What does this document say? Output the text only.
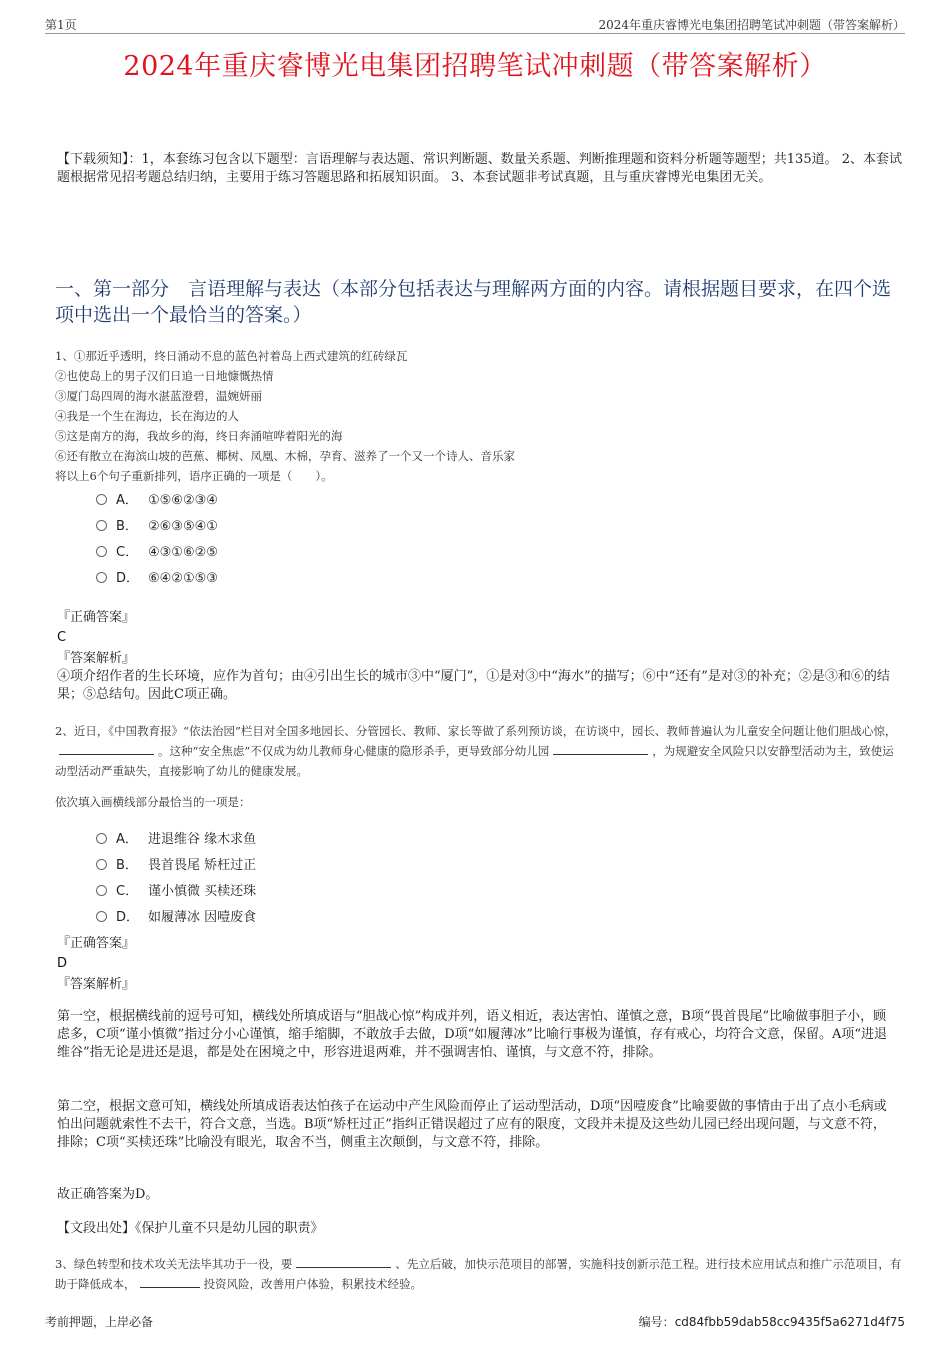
第1页	2024年重庆睿博光电集团招聘笔试冲刺题（带答案解析）
2024年重庆睿博光电集团招聘笔试冲刺题（带答案解析）
【下载须知】：1，本套练习包含以下题型：言语理解与表达题、常识判断题、数量关系题、判断推理题和资料分析题等题型；共135道。 2、本套试题根据常见招考题总结归纳，主要用于练习答题思路和拓展知识面。 3、本套试题非考试真题，且与重庆睿博光电集团无关。
一、第一部分　言语理解与表达（本部分包括表达与理解两方面的内容。请根据题目要求，在四个选项中选出一个最恰当的答案。）
1、①那近乎透明，终日涌动不息的蓝色衬着岛上西式建筑的红砖绿瓦
②也使岛上的男子汉们日追一日地慷慨热情
③厦门岛四周的海水湛蓝澄碧，温婉妍丽
④我是一个生在海边，长在海边的人
⑤这是南方的海，我故乡的海，终日奔涌喧哗着阳光的海
⑥还有散立在海滨山坡的芭蕉、椰树、凤凰、木棉，孕育、滋养了一个又一个诗人、音乐家
将以上6个句子重新排列，语序正确的一项是（　　）。
A． ①⑤⑥②③④
B． ②⑥③⑤④①
C． ④③①⑥②⑤
D． ⑥④②①⑤③
『正确答案』
C
『答案解析』
④项介绍作者的生长环境，应作为首句；由④引出生长的城市③中“厦门”，①是对③中“海水”的描写；⑥中“还有”是对③的补充；②是③和⑥的结果；⑤总结句。因此C项正确。
2、近日，《中国教育报》“依法治园”栏目对全国多地园长、分管园长、教师、家长等做了系列预访谈，在访谈中，园长、教师普遍认为儿童安全问题让他们胆战心惊，。这种“安全焦虑”不仅成为幼儿教师身心健康的隐形杀手，更导致部分幼儿园	，为规避安全风险只以安静型活动为主，致使运动型活动严重缺失，直接影响了幼儿的健康发展。
依次填入画横线部分最恰当的一项是：
A． 进退维谷 缘木求鱼
B． 畏首畏尾 矫枉过正
C． 谨小慎微 买椟还珠
D． 如履薄冰 因噎废食
『正确答案』
D
『答案解析』
第一空，根据横线前的逗号可知，横线处所填成语与“胆战心惊”构成并列，语义相近，表达害怕、谨慎之意，B项“畏首畏尾”比喻做事胆子小，顾虑多，C项“谨小慎微”指过分小心谨慎，缩手缩脚，不敢放手去做，D项“如履薄冰”比喻行事极为谨慎，存有戒心，均符合文意，保留。A项“进退维谷”指无论是进还是退，都是处在困境之中，形容进退两难，并不强调害怕、谨慎，与文意不符，排除。
第二空，根据文意可知，横线处所填成语表达怕孩子在运动中产生风险而停止了运动型活动，D项“因噎废食”比喻要做的事情由于出了点小毛病或怕出问题就索性不去干，符合文意，当选。B项“矫枉过正”指纠正错误超过了应有的限度，文段并未提及这些幼儿园已经出现问题，与文意不符，排除；C项“买椟还珠”比喻没有眼光，取舍不当，侧重主次颠倒，与文意不符，排除。
故正确答案为D。
【文段出处】《保护儿童不只是幼儿园的职责》
3、绿色转型和技术攻关无法毕其功于一役，要	、先立后破，加快示范项目的部署，实施科技创新示范工程。进行技术应用试点和推广示范项目，有助于降低成本，	投资风险，改善用户体验，积累技术经验。
考前押题，上岸必备	编号：cd84fbb59dab58cc9435f5a6271d4f75
